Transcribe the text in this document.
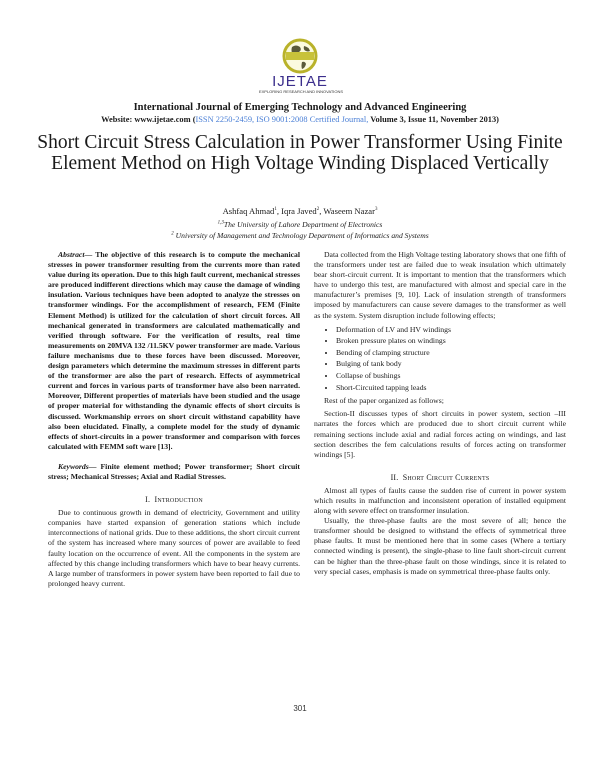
IJETAE
EXPLORING RESEARCH AND INNOVATIONS
International Journal of Emerging Technology and Advanced Engineering
Website: www.ijetae.com (ISSN 2250-2459, ISO 9001:2008 Certified Journal, Volume 3, Issue 11, November 2013)
Short Circuit Stress Calculation in Power Transformer Using Finite Element Method on High Voltage Winding Displaced Vertically
Ashfaq Ahmad$^1$, Iqra Javed$^2$, Waseem Nazar$^3$
$^{1,3}$The University of Lahore Department of Electronics
$^2$ University of Management and Technology Department of Informatics and Systems

Abstract— The objective of this research is to compute the mechanical stresses in power transformer resulting from the currents more than rated value during its operation. Due to this high fault current, mechanical stresses are produced indifferent directions which may cause the damage of winding insulation. Various techniques have been adopted to analyze the stresses on transformer windings. For the accomplishment of research, FEM (Finite Element Method) is utilized for the calculation of short circuit forces. All mechanical generated in transformers are calculated mathematically and verified through software. For the verification of results, real time measurements on 20MVA 132 /11.5KV power transformer are made. Various failure mechanisms due to these forces have been discussed. Moreover, design parameters which determine the maximum stresses in different parts of the transformer are also the part of research. Effects of asymmetrical current and forces in various parts of transformer have also been narrated. Moreover, Different properties of materials have been studied and the usage of proper material for withstanding the dynamic effects of short circuits is discussed. Workmanship errors on short circuit withstand capability have also been elucidated. Finally, a complete model for the study of dynamic effects of short-circuits in a power transformer and comparison with forces calculated with FEMM soft ware [13].

Keywords— Finite element method; Power transformer; Short circuit stress; Mechanical Stresses; Axial and Radial Stresses.

I. Introduction

Due to continuous growth in demand of electricity, Government and utility companies have started expansion of generation stations which include interconnections of national grids. Due to these additions, the short circuit current of the system has increased where many sources of power are available to feed faulty location on the occurrence of event. All the components in the system are affected by this change including transformers which have to bear heavy currents. A large number of transformers in power system have been reported to fail due to prolonged heavy current.

Data collected from the High Voltage testing laboratory shows that one fifth of the transformers under test are failed due to weak insulation which ultimately bear short-circuit current. It is important to mention that the transformers which have to undergo this test, are manufactured with almost and special care in the manufacturer’s premises [9, 10]. Lack of insulation strength of transformers imposed by manufacturers can cause severe damages to the transformer as well as the system. System disruption include following effects;

• Deformation of LV and HV windings
• Broken pressure plates on windings
• Bending of clamping structure
• Bulging of tank body
• Collapse of bushings
• Short-Circuited tapping leads

Rest of the paper organized as follows;

Section-II discusses types of short circuits in power system, section –III narrates the forces which are produced due to short circuit current while remaining sections include axial and radial forces acting on windings, and last section describes the fem calculations results of forces acting on transformer windings [5].

II. Short Circuit Currents

Almost all types of faults cause the sudden rise of current in power system which results in malfunction and inconsistent operation of installed equipment along with severe effect on transformer insulation.

Usually, the three-phase faults are the most severe of all; hence the transformer should be designed to withstand the effects of symmetrical three phase faults. It must be mentioned here that in some cases (Where a tertiary connected winding is present), the single-phase to line fault short-circuit current can be higher than the three-phase fault on those windings, since it is related to very special cases, emphasis is made on symmetrical three-phase faults only.

301
